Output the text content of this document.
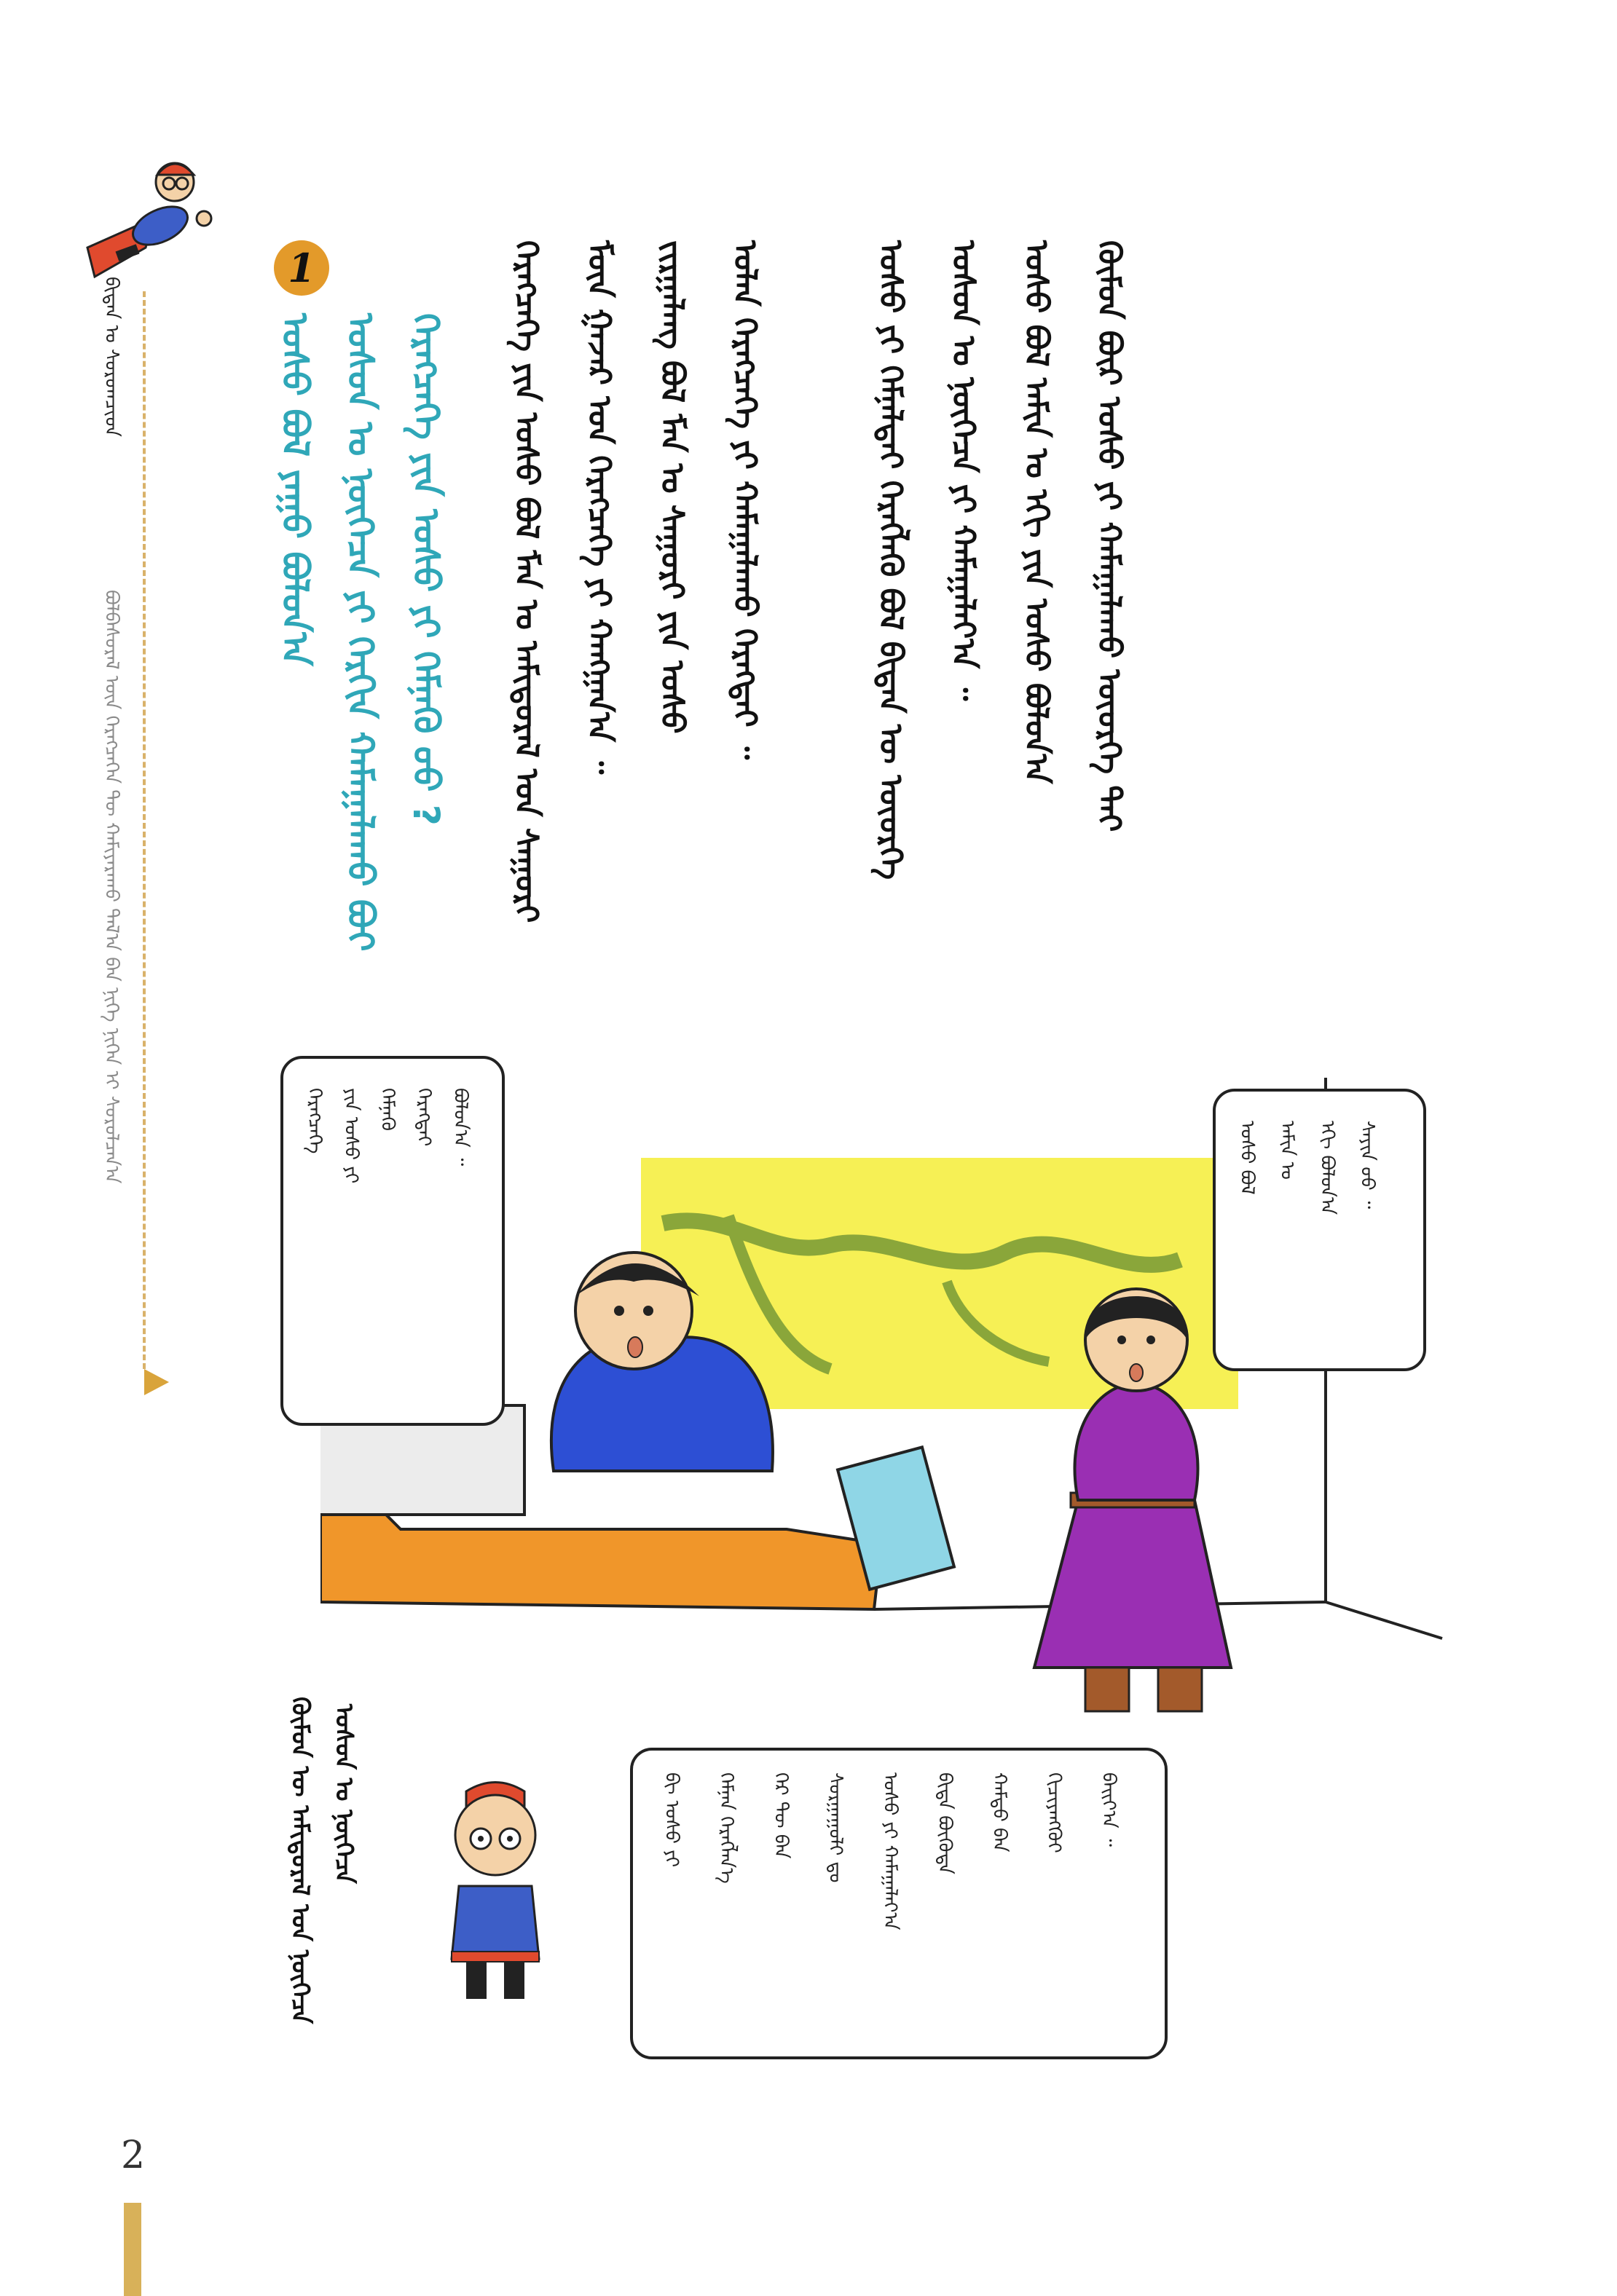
ᠪᠢᠳᠡᠨ ᠤ ᠰᠤᠷᠤᠭᠴᠢᠳ
ᠪᠣᠯᠪᠠᠰᠤᠷᠠᠯ ᠦᠨ ᠬᠡᠷᠡᠭᠴᠡᠭᠡᠨ ᠲᠦ ᠬᠠᠮᠢᠶᠠᠷᠠᠬᠤ ᠲᠠᠯ᠎ᠠ ᠪᠠᠨ ᠨᠢᠭᠡ ᠨᠢᠭᠡᠨ ᠢ ᠰᠤᠷᠤᠯᠴᠠᠨ᠎ᠠ
1
ᠤᠰᠤ ᠪᠣᠯ ᠶᠠᠭᠤ ᠪᠣᠯᠣᠨ᠎ᠠ ᠤᠰᠤᠨ ᠤ ᠨᠥᠭᠡᠴᠡ ᠶᠢ ᠬᠡᠷᠬᠢᠨ ᠬᠠᠮᠠᠭᠠᠯᠠᠬᠤ ᠪᠤᠢ ᠬᠡᠷᠡᠭᠴᠡᠭᠡ ᠶᠢᠨ ᠤᠰᠤ ᠶᠢ ᠬᠡᠮᠨᠡᠬᠦ ᠤᠤ ? ᠬᠡᠷᠡᠭᠴᠡᠭᠡ ᠶᠢᠨ ᠤᠰᠤ ᠪᠣᠯ ᠮᠠᠨ ᠤ ᠠᠮᠢᠳᠤᠷᠠᠯ ᠤᠨ ᠰᠠᠭᠤᠷᠢ ᠮᠥᠨ ᠭᠠᠵᠠᠷ ᠤᠨ ᠬᠡᠷᠡᠭᠴᠡᠭᠡ ᠶᠢ ᠬᠠᠩᠭᠠᠨ᠎ᠠ ᠃ ᠵᠢᠷᠭᠠᠯᠠᠩ ᠪᠣᠯ ᠮᠠᠨ ᠤ ᠰᠠᠭᠤᠷᠢ ᠶᠢᠨ ᠤᠰᠤ ᠣᠯᠠᠨ ᠬᠡᠷᠡᠭᠴᠡᠭᠡ ᠶᠢ ᠬᠠᠮᠠᠭᠠᠯᠠᠬᠤ ᠬᠡᠷᠡᠭᠲᠡᠢ ᠃	ᠤᠰᠤ ᠶᠢ ᠬᠡᠮᠨᠡᠯᠲᠡᠢ ᠬᠡᠷᠡᠭᠯᠡᠬᠦ ᠪᠣᠯ ᠪᠢᠳᠡᠨ ᠦ ᠦᠦᠷᠭᠡ ᠤᠰᠤᠨ ᠤ ᠨᠥᠭᠡᠴᠡ ᠶᠢ ᠬᠠᠮᠠᠭᠠᠯᠠᠶ᠎ᠠ ᠃ ᠤᠰᠤ ᠪᠣᠯ ᠠᠮᠢᠨ ᠤ ᠡᠬᠢ ᠶᠢᠨ ᠤᠰᠤ ᠪᠣᠯᠣᠨ᠎ᠠ ᠬᠦᠮᠦᠨ ᠪᠦᠷ ᠤᠰᠤ ᠶᠢ ᠬᠠᠮᠠᠭᠠᠯᠠᠬᠤ ᠦᠦᠷᠭᠡ ᠲᠡᠢ
ᠬᠡᠷᠡᠭᠴᠡᠭᠡ ᠶᠢᠨ ᠤᠰᠤ ᠶᠢ ᠬᠡᠮᠨᠡᠬᠦ ᠬᠡᠷᠡᠭᠲᠡᠢ ᠪᠣᠯᠣᠨ᠎ᠠ ᠃	ᠤᠰᠤ ᠪᠣᠯ ᠠᠮᠢᠨ ᠤ ᠡᠬᠢ ᠪᠣᠯᠣᠨ᠎ᠠ ᠰᠠᠶᠢᠨ ᠤᠤ ᠃
ᠪᠢ ᠤᠰᠤ ᠶᠢ ᠬᠡᠮᠨᠡᠨ ᠬᠡᠷᠡᠭᠯᠡᠨ᠎ᠡ ᠭᠡᠷ ᠲᠦ ᠪᠡᠨ ᠰᠤᠷᠭᠠᠭᠤᠯᠢ ᠳᠤ ᠤᠰᠤ ᠶᠢ ᠬᠠᠮᠠᠭᠠᠯᠠᠶ᠎ᠠ ᠪᠢᠳᠡ ᠪᠦᠬᠦᠳᠡ ᠬᠠᠮᠳᠤ ᠪᠡᠨ ᠬᠢᠴᠢᠶᠡᠩᠭᠦᠢ ᠪᠠᠢᠶ᠎ᠠ ᠃
ᠬᠦᠮᠦᠨ ᠦ ᠠᠮᠢᠳᠤᠷᠠᠯ ᠤᠨ ᠨᠥᠭᠡᠴᠡ ᠤᠰᠤᠨ ᠤ ᠨᠥᠭᠡᠴᠡ
2
